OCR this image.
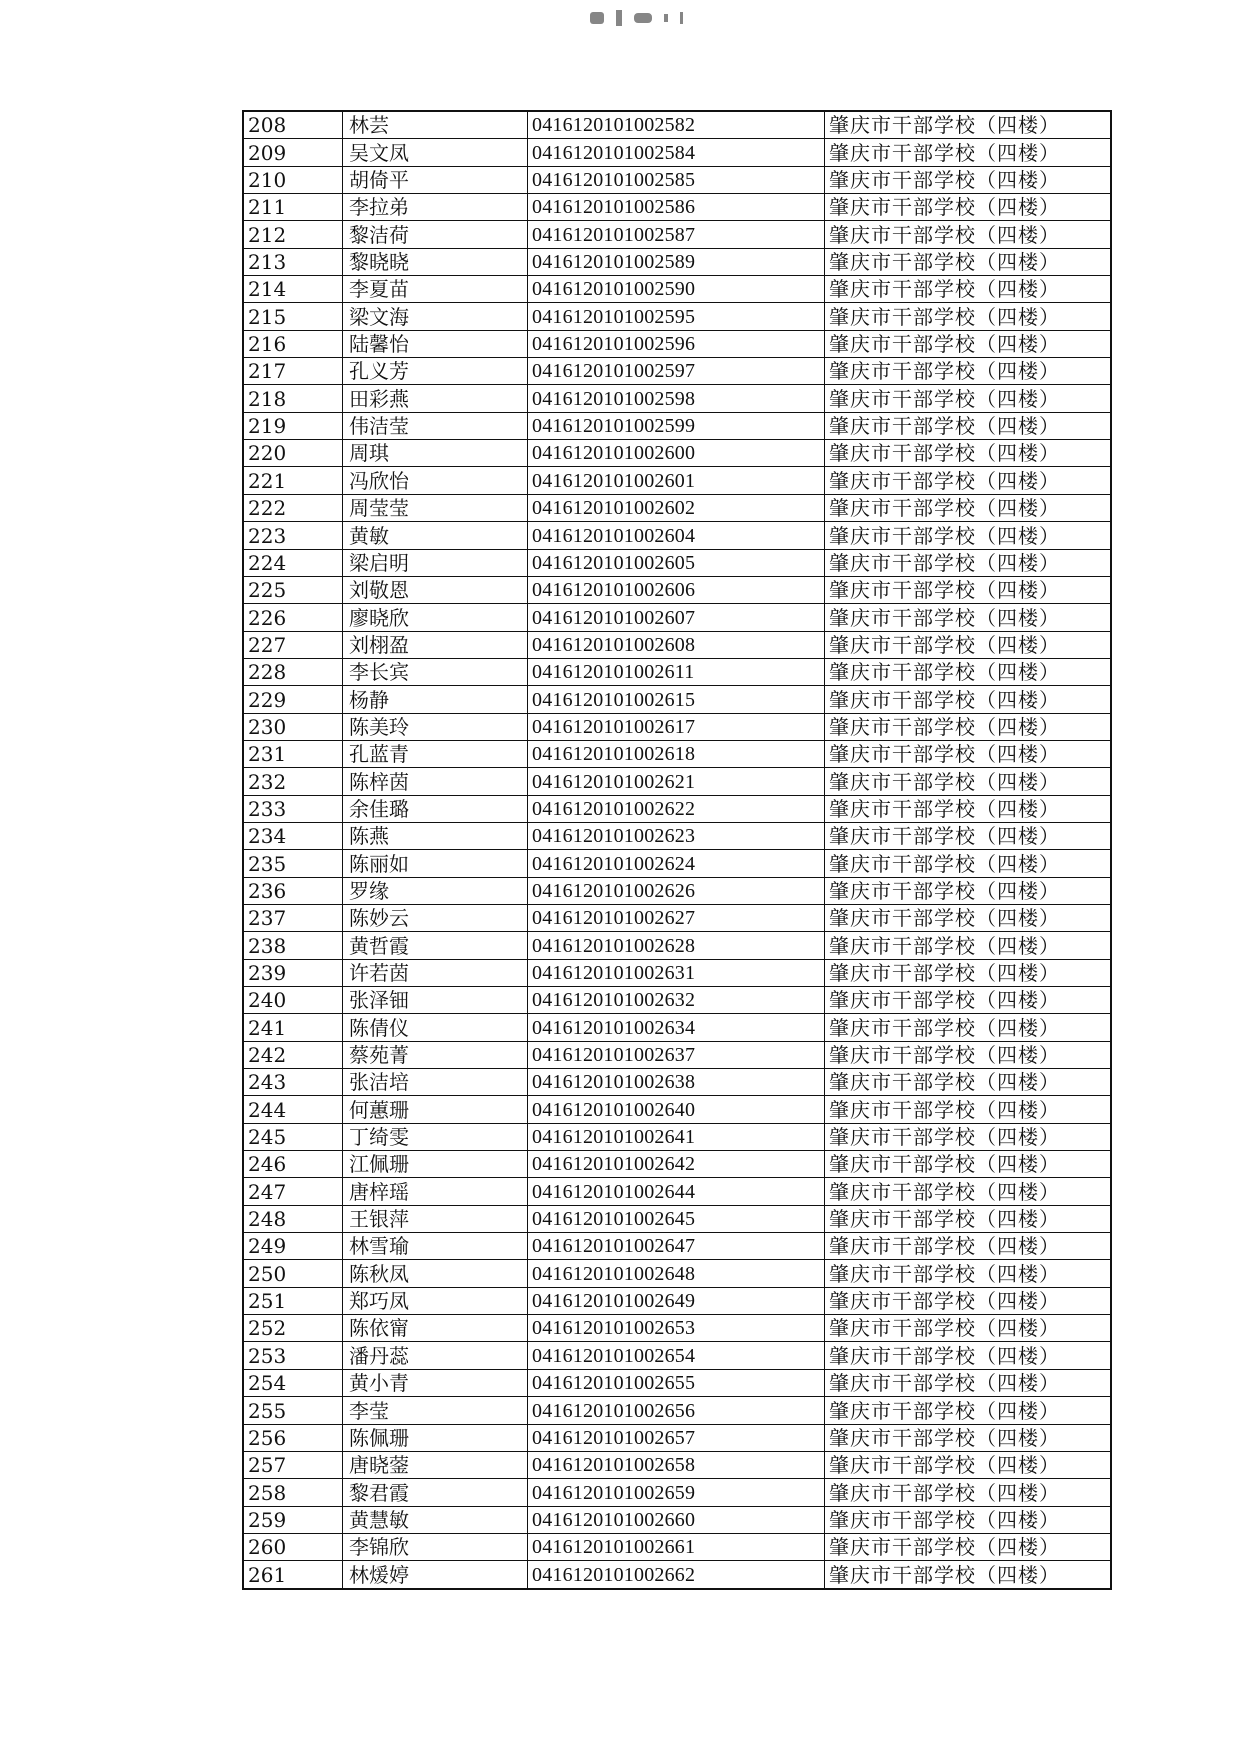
208	林芸	0416120101002582	肇庆市干部学校（四楼）
209	吴文凤	0416120101002584	肇庆市干部学校（四楼）
210	胡倚平	0416120101002585	肇庆市干部学校（四楼）
211	李拉弟	0416120101002586	肇庆市干部学校（四楼）
212	黎洁荷	0416120101002587	肇庆市干部学校（四楼）
213	黎晓晓	0416120101002589	肇庆市干部学校（四楼）
214	李夏苗	0416120101002590	肇庆市干部学校（四楼）
215	梁文海	0416120101002595	肇庆市干部学校（四楼）
216	陆馨怡	0416120101002596	肇庆市干部学校（四楼）
217	孔义芳	0416120101002597	肇庆市干部学校（四楼）
218	田彩燕	0416120101002598	肇庆市干部学校（四楼）
219	伟洁莹	0416120101002599	肇庆市干部学校（四楼）
220	周琪	0416120101002600	肇庆市干部学校（四楼）
221	冯欣怡	0416120101002601	肇庆市干部学校（四楼）
222	周莹莹	0416120101002602	肇庆市干部学校（四楼）
223	黄敏	0416120101002604	肇庆市干部学校（四楼）
224	梁启明	0416120101002605	肇庆市干部学校（四楼）
225	刘敬恩	0416120101002606	肇庆市干部学校（四楼）
226	廖晓欣	0416120101002607	肇庆市干部学校（四楼）
227	刘栩盈	0416120101002608	肇庆市干部学校（四楼）
228	李长宾	0416120101002611	肇庆市干部学校（四楼）
229	杨静	0416120101002615	肇庆市干部学校（四楼）
230	陈美玲	0416120101002617	肇庆市干部学校（四楼）
231	孔蓝青	0416120101002618	肇庆市干部学校（四楼）
232	陈梓茵	0416120101002621	肇庆市干部学校（四楼）
233	余佳璐	0416120101002622	肇庆市干部学校（四楼）
234	陈燕	0416120101002623	肇庆市干部学校（四楼）
235	陈丽如	0416120101002624	肇庆市干部学校（四楼）
236	罗缘	0416120101002626	肇庆市干部学校（四楼）
237	陈妙云	0416120101002627	肇庆市干部学校（四楼）
238	黄哲霞	0416120101002628	肇庆市干部学校（四楼）
239	许若茵	0416120101002631	肇庆市干部学校（四楼）
240	张泽钿	0416120101002632	肇庆市干部学校（四楼）
241	陈倩仪	0416120101002634	肇庆市干部学校（四楼）
242	蔡苑菁	0416120101002637	肇庆市干部学校（四楼）
243	张洁培	0416120101002638	肇庆市干部学校（四楼）
244	何蕙珊	0416120101002640	肇庆市干部学校（四楼）
245	丁绮雯	0416120101002641	肇庆市干部学校（四楼）
246	江佩珊	0416120101002642	肇庆市干部学校（四楼）
247	唐梓瑶	0416120101002644	肇庆市干部学校（四楼）
248	王银萍	0416120101002645	肇庆市干部学校（四楼）
249	林雪瑜	0416120101002647	肇庆市干部学校（四楼）
250	陈秋凤	0416120101002648	肇庆市干部学校（四楼）
251	郑巧凤	0416120101002649	肇庆市干部学校（四楼）
252	陈依甯	0416120101002653	肇庆市干部学校（四楼）
253	潘丹蕊	0416120101002654	肇庆市干部学校（四楼）
254	黄小青	0416120101002655	肇庆市干部学校（四楼）
255	李莹	0416120101002656	肇庆市干部学校（四楼）
256	陈佩珊	0416120101002657	肇庆市干部学校（四楼）
257	唐晓蓥	0416120101002658	肇庆市干部学校（四楼）
258	黎君霞	0416120101002659	肇庆市干部学校（四楼）
259	黄慧敏	0416120101002660	肇庆市干部学校（四楼）
260	李锦欣	0416120101002661	肇庆市干部学校（四楼）
261	林煖婷	0416120101002662	肇庆市干部学校（四楼）
